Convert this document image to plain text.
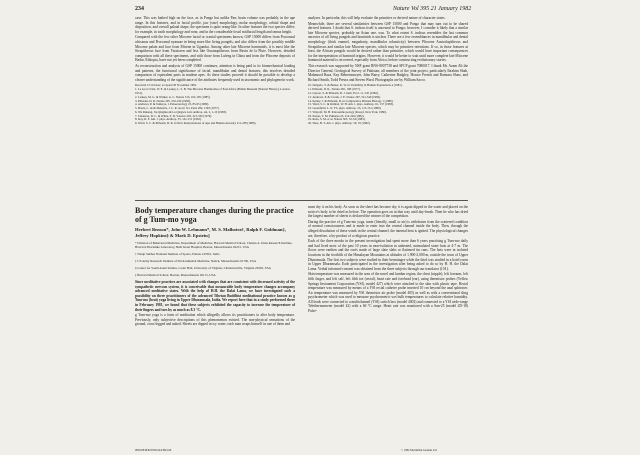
234	Nature Vol 395 21 January 1982

case. This was bathed high on the face, as in Pongo but unlike Pan; brain volume was probably in the ape range. In this features, and in facial profile, jaw (size) morphology, molar morphology, orbital shape and disposition, and overall palatal shape, the specimen is quite orang-like. In other features the two species differ; for example, in tooth morphology and wear, and in the considerable fossil midfacial length and ramus height.

Compared with the few other Miocene facial or cranial specimens known, GSP 15000 differs from Proconsul africanus and Proconsul nyanzae in being more like living pongids, and also differs from the possibly middle Miocene palate and face from Micene in Ugandai. Among other late Miocene hominoids, it is most like the Sivapithecus face from Yassioren and less like Ouranopithecus from Ravin de la Pluie. However, detailed comparison with all these specimens, and with those from Lufeng in China and from the Pliocene deposits of Hadar, Ethiopia, have not yet been completed.

As reconstruction and analysis of GSP 15000 continues, attention is being paid to its biomechanical loading and patterns, the functional significance of facial, mandibular and dental features; this involves detailed comparison of equivalent parts in modern apes. As these studies proceed it should be possible to develop a clearer understanding of the significance of the attributes frequently used in taxonomic and phylogenetic work.

Received 15 October; accepted 30 November 1981.
1. Le Gros Clark, W. E. & Leakey, L. S. B. The Miocene Hominoidea of East Africa (British Museum (Natural History), London, 1951).
2. Leakey, M. G. & Walker, A. C. Nature 313, 102-105 (1985).
3. Pilbeam, D. R. Nature 295, 232-234 (1982).
4. Andrews, P. & Tekkaya, I. Palaeontology 23, 85-95 (1980).
5. Bonis, L. de & Melentis, J. C. R. Acad. Sci. Paris 284, 1393 (1977).
6. Wu Rukang, Xu Qinghua & Lu Qingwu Acta anthrop. sin. 2, 1-10 (1983).
7. Johanson, D. C. & White, T. D. Science 203, 321-330 (1979).
8. Kay, R. F. Am. J. phys. Anthrop. 55, 141-151 (1981).
9. Ward, S. C. & Pilbeam, D. R. in New Interpretations of Ape and Human Ancestry 211-238 (1983).

analyses. In particular, this will help evaluate the primitive or derived nature of character states.

Meanwhile, there are several similarities between GSP 15000 and Pongo that may turn out to be shared derived features. I doubt that S. indicus itself is ancestral to Pongo; however, I consider it likely that a similar late Miocene species, probably an Asian one, was. To what extent S. indicus resembles the last common ancestor of all living pongids and hominids is unclear. There are a few resemblances in mandibular and dental morphology (thick enamel, megadonty, mandibular robusticity) between Pliocene Australopithecus and Sivapithecus and similar late Miocene species, which may be primitive retentions. If so, in those features at least, the African pongids would be derived rather than primitive, which would have important consequences for the interpretation of hominid origins. However, it would be better to wait until more complete late Miocene hominoid material is recovered, especially from Africa, before constructing evolutionary stories.

This research was supported by NSF grant BNS-8007738 and SFCP grant 7080017. I thank Mr. Azam Ali the Director General, Geological Survey of Pakistan; all members of the joint project, particularly Ibrahim Shah, Mahmood Raza, Kay Behrensmeyer, John Barry, Catherine Badgley, Horace French and Ramona Shaw, and Richard Smith, Todd Preuss and Steven Ward. Photographs are by William Sacco.

10. Delgado, V. & Butzer, K. W. in Variability in Human Populations 4 (1981).
11. Pilbeam, D. R., Nature 265, 108 (1977).
12. Lipson, S. & Pilbeam, D. J. hum. Evol. 11, 545 (1982).
13. Andrews, P. & Cronin, J. E. Nature 297, 541-546 (1982).
14. Kelley, J. & Pilbeam, D. in Comparative Primate Biology 1 (1986).
15. Ward, S. C. & Kimbel, W. H. Am. J. phys. Anthrop. 61, 157 (1983).
16. Greenfield, L. O. Yb. phys. Anthrop. 23, 115-131 (1980).
17. Wolpoff, M. H. Paleoanthropology (Knopf, New York, 1980).
18. Preuss, T. M. Primates 23, 212-226 (1982).
19. Raza, S. M. et al. Nature 305, 52-54 (1983).
20. Shea, B. T. Am. J. phys. Anthrop. 59, 35 (1982).
Body temperature changes during the practice of g Tum-mo yoga
Herbert Benson*, John W. Lehmann*, M. S. Malhotra†, Ralph F. Goldman‡, Jeffrey Hopkins§ & Mark D. Epstein||
* Division of Behavioral Medicine, Department of Medicine, Harvard Medical School, Charles A. Dana Research Institute, Harvard-Thorndike Laboratory, Beth Israel Hospital, Boston, Massachusetts 02215, USA
† Netaji Subhas National Institute of Sports, Patiala 147001, India
‡ US Army Research Institute of Environmental Medicine, Natick, Massachusetts 01760, USA
§ Center for South Asian Studies, Cedar Hall, University of Virginia, Charlottesville, Virginia 22903, USA
|| Harvard Medical School, Boston, Massachusetts 02115, USA

Since meditative practices are associated with changes that are consistent with decreased activity of the sympathetic nervous system, it is conceivable that measurable body temperature changes accompany advanced meditative states. With the help of H.H. the Dalai Lama, we have investigated such a possibility on three practitioners of the advanced Tibetan Buddhist meditational practice known as g Tum-mo (heat) yoga living in Upper Dharamsala, India. We report here that in a study performed there in February 1981, we found that these subjects exhibited the capacity to increase the temperature of their fingers and toes by as much as 8.3 °C.

g Tum-mo yoga is a form of meditation which allegedly allows its practitioners to alter body temperature. Previously, only subjective descriptions of this phenomenon existed. The non-physical sensations of the ground, cross-legged and naked. Sheets are dipped in icy water, each man wraps himself in one of them and

must dry it on his body. As soon as the sheet has become dry, it is again dipped in the water and placed on the novice's body to be dried as before. The operation goes on in that way until day-break. Then he who has dried the largest number of sheets is declared the winner of the competition.

During the practice of g Tum-mo yoga, inner (literally, small or air) is withdrawn from the scattered condition of normal consciousness and is made to enter into the central channel inside the body. Then, through the alleged dissolution of these winds in the central channel, the internal heat is ignited. The physiological changes are, therefore, a by-product of a religious practice.

Each of the three monks in the present investigation had spent more than 6 years practising g Tum-mo daily and had lived most of the past 10 years in near-isolation in unheated, uninsulated stone huts at 4-7 m. The floors were earthen and the roofs made of large slate slabs or flattened tin cans. The huts were in isolated locations in the foothills of the Himalayan Mountains at altitudes of 1,900-2,000 m, outside the town of Upper Dharamsala. The first two subjects were studied in their hermitages while the third was studied in a hotel room in Upper Dharamsala. Each participated in the investigation after being asked to do so by H. H. the Dalai Lama. Verbal informed consent was obtained from the three subjects through our translator (J.H.).

Skin temperature was measured in the area of the navel and lumbar region, the chest (nipple), left forearm, left fifth finger, and left calf, left fifth toe (rectal), heart rate and forehead (ear), using thermistor probes (Yellow Springs Instrument Corporation (YSI), model 427) which were attached to the skin with plastic tape. Rectal temperature was measured by means of a YSI rectal catheter probe inserted 10 cm beyond the anal sphincter. Air temperature was measured by YSI thermistor air probe (model 405) as well as with a conventional sling psychrometer which was used to measure psychrometric wet bulb temperatures to calculate relative humidity. All leads were connected to a multichannel (YSI) switch box (model 4002) and connected to a YSI wide-range Telethermometer (model 42) with a 60 °C range. Heart rate was monitored with a Sun-25 (model 2D-18) Pulse-

0028-0836/82/030234-03$01.00	© 1982 Macmillan Journals Ltd
